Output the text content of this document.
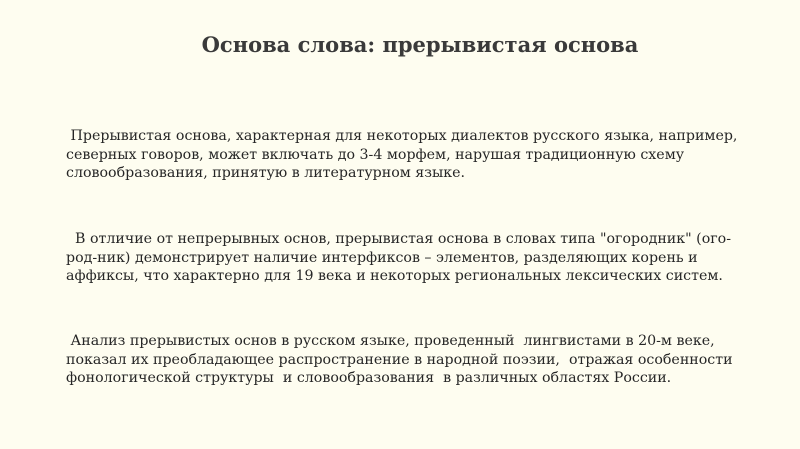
Основа слова: прерывистая основа

Прерывистая основа, характерная для некоторых диалектов русского языка, например, северных говоров, может включать до 3-4 морфем, нарушая традиционную схему словообразования, принятую в литературном языке.

В отличие от непрерывных основ, прерывистая основа в словах типа "огородник" (ого-род-ник) демонстрирует наличие интерфиксов – элементов, разделяющих корень и аффиксы, что характерно для 19 века и некоторых региональных лексических систем.

Анализ прерывистых основ в русском языке, проведенный  лингвистами в 20-м веке, показал их преобладающее распространение в народной поэзии,  отражая особенности фонологической структуры  и словообразования  в различных областях России.
